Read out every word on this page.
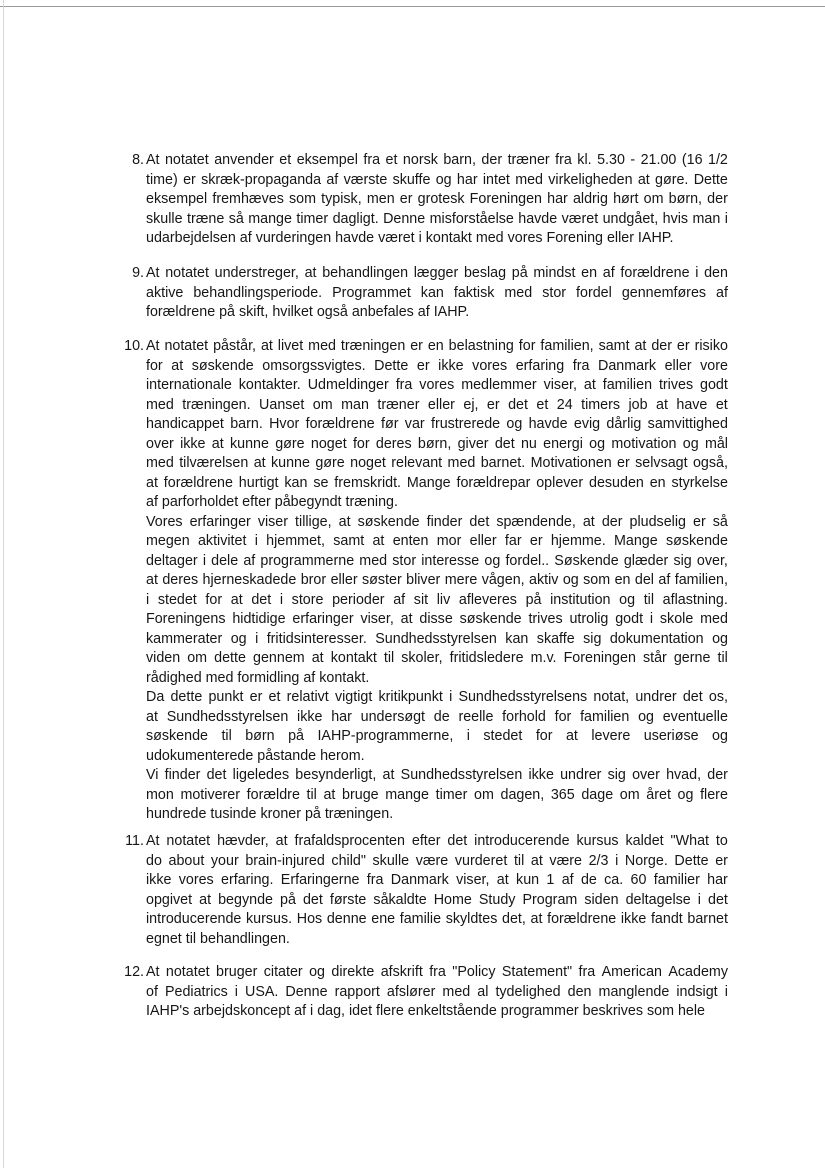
8. At notatet anvender et eksempel fra et norsk barn, der træner fra kl. 5.30 - 21.00 (16 1/2
time) er skræk-propaganda af værste skuffe og har intet med virkeligheden at gøre. Dette
eksempel fremhæves som typisk, men er grotesk Foreningen har aldrig hørt om børn, der
skulle træne så mange timer dagligt. Denne misforståelse havde været undgået, hvis man i
udarbejdelsen af vurderingen havde været i kontakt med vores Forening eller IAHP.
9. At notatet understreger, at behandlingen lægger beslag på mindst en af forældrene i den
aktive behandlingsperiode. Programmet kan faktisk med stor fordel gennemføres af
forældrene på skift, hvilket også anbefales af IAHP.
10. At notatet påstår, at livet med træningen er en belastning for familien, samt at der er risiko
for at søskende omsorgssvigtes. Dette er ikke vores erfaring fra Danmark eller vore
internationale kontakter. Udmeldinger fra vores medlemmer viser, at familien trives godt
med træningen. Uanset om man træner eller ej, er det et 24 timers job at have et
handicappet barn. Hvor forældrene før var frustrerede og havde evig dårlig samvittighed
over ikke at kunne gøre noget for deres børn, giver det nu energi og motivation og mål
med tilværelsen at kunne gøre noget relevant med barnet. Motivationen er selvsagt også,
at forældrene hurtigt kan se fremskridt. Mange forældrepar oplever desuden en styrkelse
af parforholdet efter påbegyndt træning.
Vores erfaringer viser tillige, at søskende finder det spændende, at der pludselig er så
megen aktivitet i hjemmet, samt at enten mor eller far er hjemme. Mange søskende
deltager i dele af programmerne med stor interesse og fordel.. Søskende glæder sig over,
at deres hjerneskadede bror eller søster bliver mere vågen, aktiv og som en del af familien,
i stedet for at det i store perioder af sit liv afleveres på institution og til aflastning.
Foreningens hidtidige erfaringer viser, at disse søskende trives utrolig godt i skole med
kammerater og i fritidsinteresser. Sundhedsstyrelsen kan skaffe sig dokumentation og
viden om dette gennem at kontakt til skoler, fritidsledere m.v. Foreningen står gerne til
rådighed med formidling af kontakt.
Da dette punkt er et relativt vigtigt kritikpunkt i Sundhedsstyrelsens notat, undrer det os,
at Sundhedsstyrelsen ikke har undersøgt de reelle forhold for familien og eventuelle
søskende til børn på IAHP-programmerne, i stedet for at levere useriøse og
udokumenterede påstande herom.
Vi finder det ligeledes besynderligt, at Sundhedsstyrelsen ikke undrer sig over hvad, der
mon motiverer forældre til at bruge mange timer om dagen, 365 dage om året og flere
hundrede tusinde kroner på træningen.
11. At notatet hævder, at frafaldsprocenten efter det introducerende kursus kaldet "What to
do about your brain-injured child" skulle være vurderet til at være 2/3 i Norge. Dette er
ikke vores erfaring. Erfaringerne fra Danmark viser, at kun 1 af de ca. 60 familier har
opgivet at begynde på det første såkaldte Home Study Program siden deltagelse i det
introducerende kursus. Hos denne ene familie skyldtes det, at forældrene ikke fandt barnet
egnet til behandlingen.
12. At notatet bruger citater og direkte afskrift fra "Policy Statement" fra American Academy
of Pediatrics i USA. Denne rapport afslører med al tydelighed den manglende indsigt i
IAHP's arbejdskoncept af i dag, idet flere enkeltstående programmer beskrives som hele
